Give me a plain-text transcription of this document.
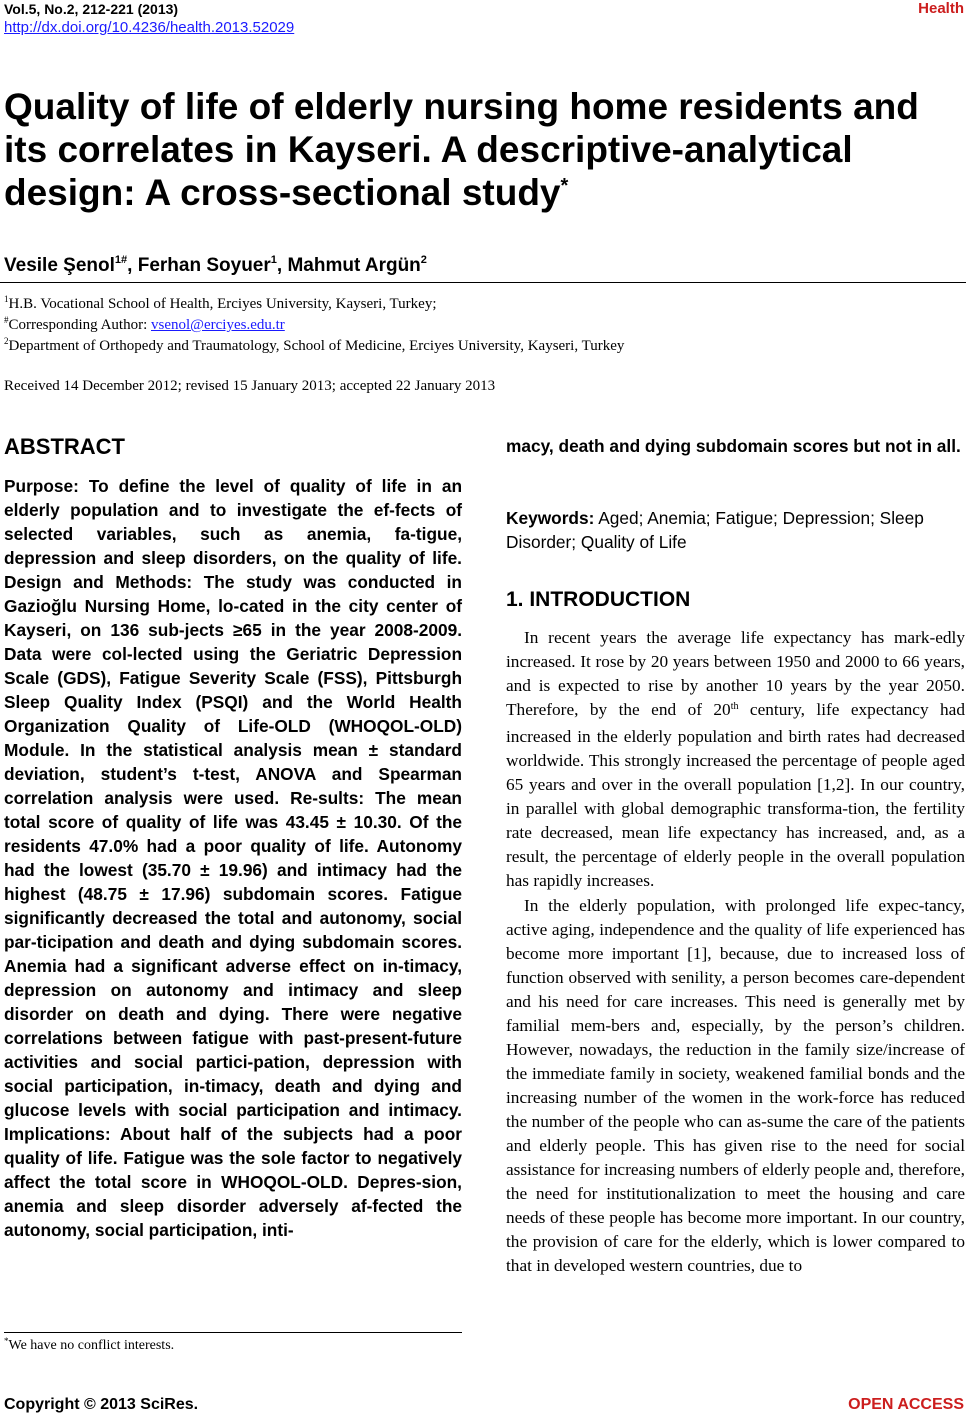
Vol.5, No.2, 212-221 (2013)
http://dx.doi.org/10.4236/health.2013.52029
Health
Quality of life of elderly nursing home residents and its correlates in Kayseri. A descriptive-analytical design: A cross-sectional study*
Vesile Şenol$^{1\#}$, Ferhan Soyuer$^1$, Mahmut Argün$^2$
$^1$H.B. Vocational School of Health, Erciyes University, Kayseri, Turkey;
#Corresponding Author: vsenol@erciyes.edu.tr
$^2$Department of Orthopedy and Traumatology, School of Medicine, Erciyes University, Kayseri, Turkey
Received 14 December 2012; revised 15 January 2013; accepted 22 January 2013
ABSTRACT

Purpose: To define the level of quality of life in an elderly population and to investigate the ef-fects of selected variables, such as anemia, fa-tigue, depression and sleep disorders, on the quality of life. Design and Methods: The study was conducted in Gazioğlu Nursing Home, lo-cated in the city center of Kayseri, on 136 sub-jects ≥65 in the year 2008-2009. Data were col-lected using the Geriatric Depression Scale (GDS), Fatigue Severity Scale (FSS), Pittsburgh Sleep Quality Index (PSQI) and the World Health Organization Quality of Life-OLD (WHOQOL-OLD) Module. In the statistical analysis mean ± standard deviation, student’s t-test, ANOVA and Spearman correlation analysis were used. Re-sults: The mean total score of quality of life was 43.45 ± 10.30. Of the residents 47.0% had a poor quality of life. Autonomy had the lowest (35.70 ± 19.96) and intimacy had the highest (48.75 ± 17.96) subdomain scores. Fatigue significantly decreased the total and autonomy, social par-ticipation and death and dying subdomain scores. Anemia had a significant adverse effect on in-timacy, depression on autonomy and intimacy and sleep disorder on death and dying. There were negative correlations between fatigue with past-present-future activities and social partici-pation, depression with social participation, in-timacy, death and dying and glucose levels with social participation and intimacy. Implications: About half of the subjects had a poor quality of life. Fatigue was the sole factor to negatively affect the total score in WHOQOL-OLD. Depres-sion, anemia and sleep disorder adversely af-fected the autonomy, social participation, inti-

*We have no conflict interests.

macy, death and dying subdomain scores but not in all.

Keywords: Aged; Anemia; Fatigue; Depression; Sleep Disorder; Quality of Life

1. INTRODUCTION

In recent years the average life expectancy has mark-edly increased. It rose by 20 years between 1950 and 2000 to 66 years, and is expected to rise by another 10 years by the year 2050. Therefore, by the end of 20th century, life expectancy had increased in the elderly population and birth rates had decreased worldwide. This strongly increased the percentage of people aged 65 years and over in the overall population [1,2]. In our country, in parallel with global demographic transforma-tion, the fertility rate decreased, mean life expectancy has increased, and, as a result, the percentage of elderly people in the overall population has rapidly increases.

In the elderly population, with prolonged life expec-tancy, active aging, independence and the quality of life experienced has become more important [1], because, due to increased loss of function observed with senility, a person becomes care-dependent and his need for care increases. This need is generally met by familial mem-bers and, especially, by the person’s children. However, nowadays, the reduction in the family size/increase of the immediate family in society, weakened familial bonds and the increasing number of the women in the work-force has reduced the number of the people who can as-sume the care of the patients and elderly people. This has given rise to the need for social assistance for increasing numbers of elderly people and, therefore, the need for institutionalization to meet the housing and care needs of these people has become more important. In our country, the provision of care for the elderly, which is lower compared to that in developed western countries, due to

Copyright © 2013 SciRes.	OPEN ACCESS
